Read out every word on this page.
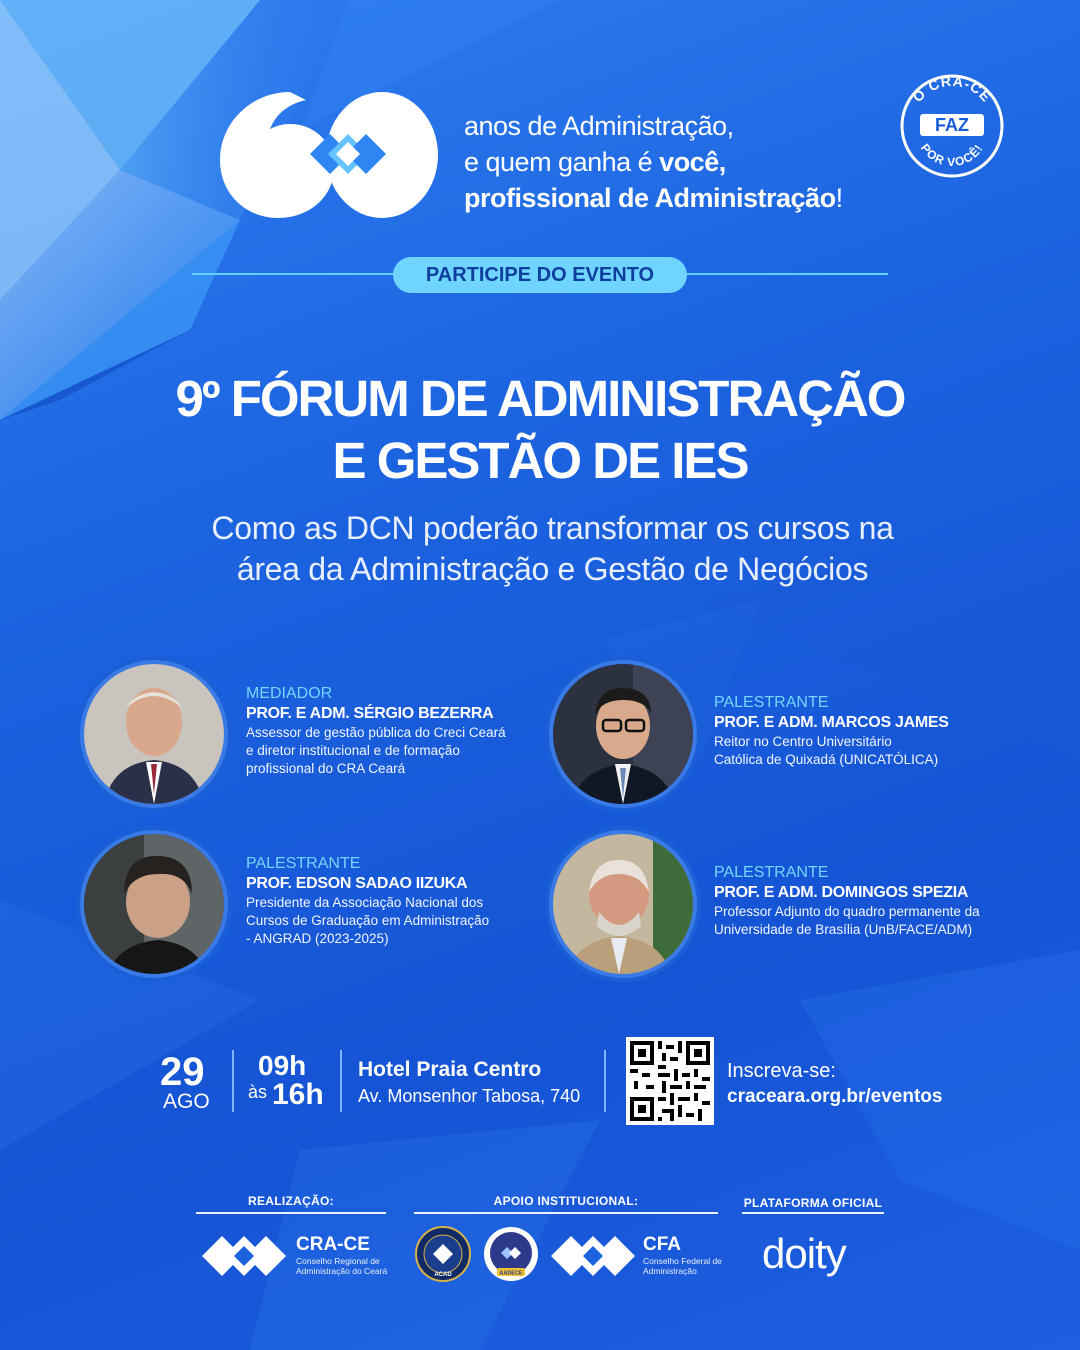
anos de Administração,
e quem ganha é você,
profissional de Administração!
O CRA-CE
FAZ
POR VOCÊ!
PARTICIPE DO EVENTO
9º FÓRUM DE ADMINISTRAÇÃO
E GESTÃO DE IES
Como as DCN poderão transformar os cursos na
área da Administração e Gestão de Negócios
MEDIADOR
PROF. E ADM. SÉRGIO BEZERRA
Assessor de gestão pública do Creci Ceará
e diretor institucional e de formação
profissional do CRA Ceará
PALESTRANTE
PROF. E ADM. MARCOS JAMES
Reitor no Centro Universitário
Católica de Quixadá (UNICATÓLICA)
PALESTRANTE
PROF. EDSON SADAO IIZUKA
Presidente da Associação Nacional dos
Cursos de Graduação em Administração
- ANGRAD (2023-2025)
PALESTRANTE
PROF. E ADM. DOMINGOS SPEZIA
Professor Adjunto do quadro permanente da
Universidade de Brasília (UnB/FACE/ADM)
29
AGO
09h
às 16h
Hotel Praia Centro
Av. Monsenhor Tabosa, 740
Inscreva-se:
craceara.org.br/eventos
REALIZAÇÃO:	APOIO INSTITUCIONAL:	PLATAFORMA OFICIAL
CRA-CE
Conselho Regional de
Administração do Ceará	ACAD	AADECE
CFA
Conselho Federal de
Administração	doity
